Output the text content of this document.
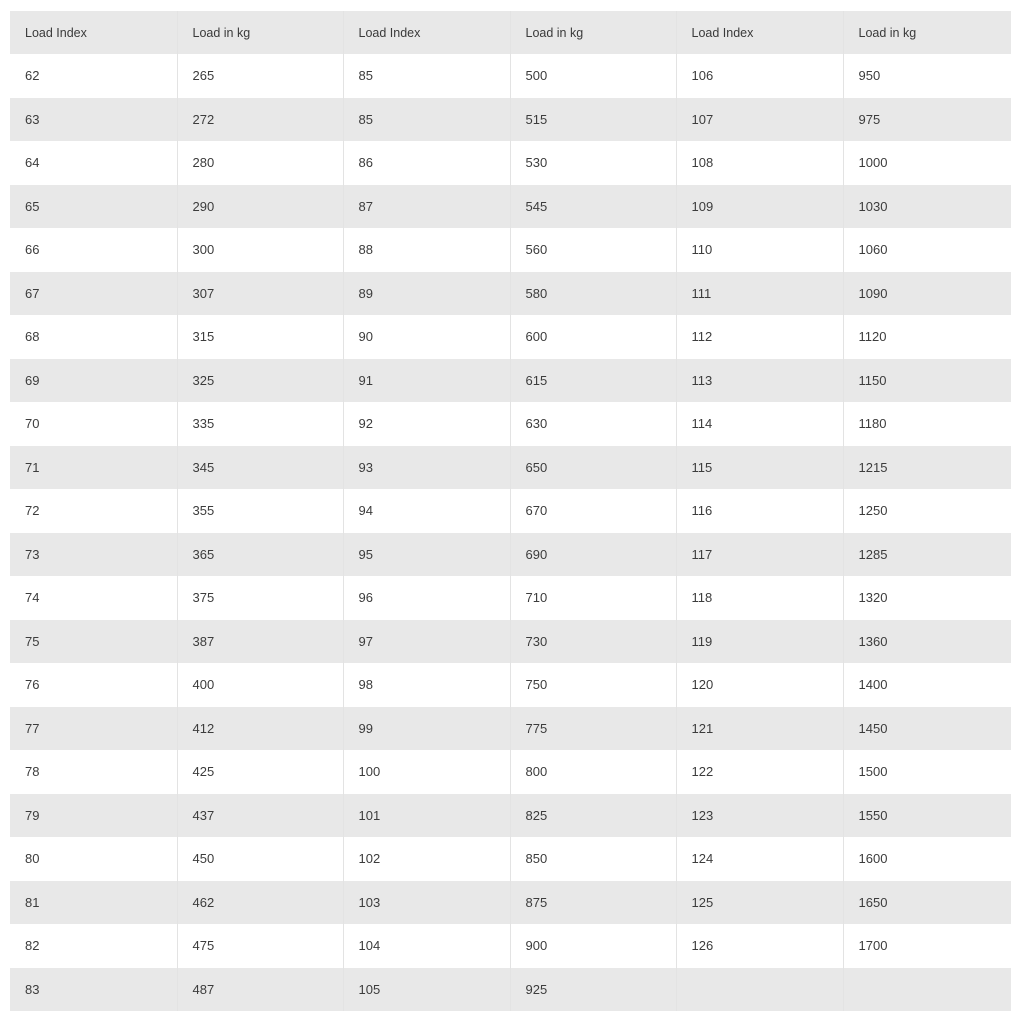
Load Index	Load in kg	Load Index	Load in kg	Load Index	Load in kg
62	265	85	500	106	950
63	272	85	515	107	975
64	280	86	530	108	1000
65	290	87	545	109	1030
66	300	88	560	110	1060
67	307	89	580	111	1090
68	315	90	600	112	1120
69	325	91	615	113	1150
70	335	92	630	114	1180
71	345	93	650	115	1215
72	355	94	670	116	1250
73	365	95	690	117	1285
74	375	96	710	118	1320
75	387	97	730	119	1360
76	400	98	750	120	1400
77	412	99	775	121	1450
78	425	100	800	122	1500
79	437	101	825	123	1550
80	450	102	850	124	1600
81	462	103	875	125	1650
82	475	104	900	126	1700
83	487	105	925		
